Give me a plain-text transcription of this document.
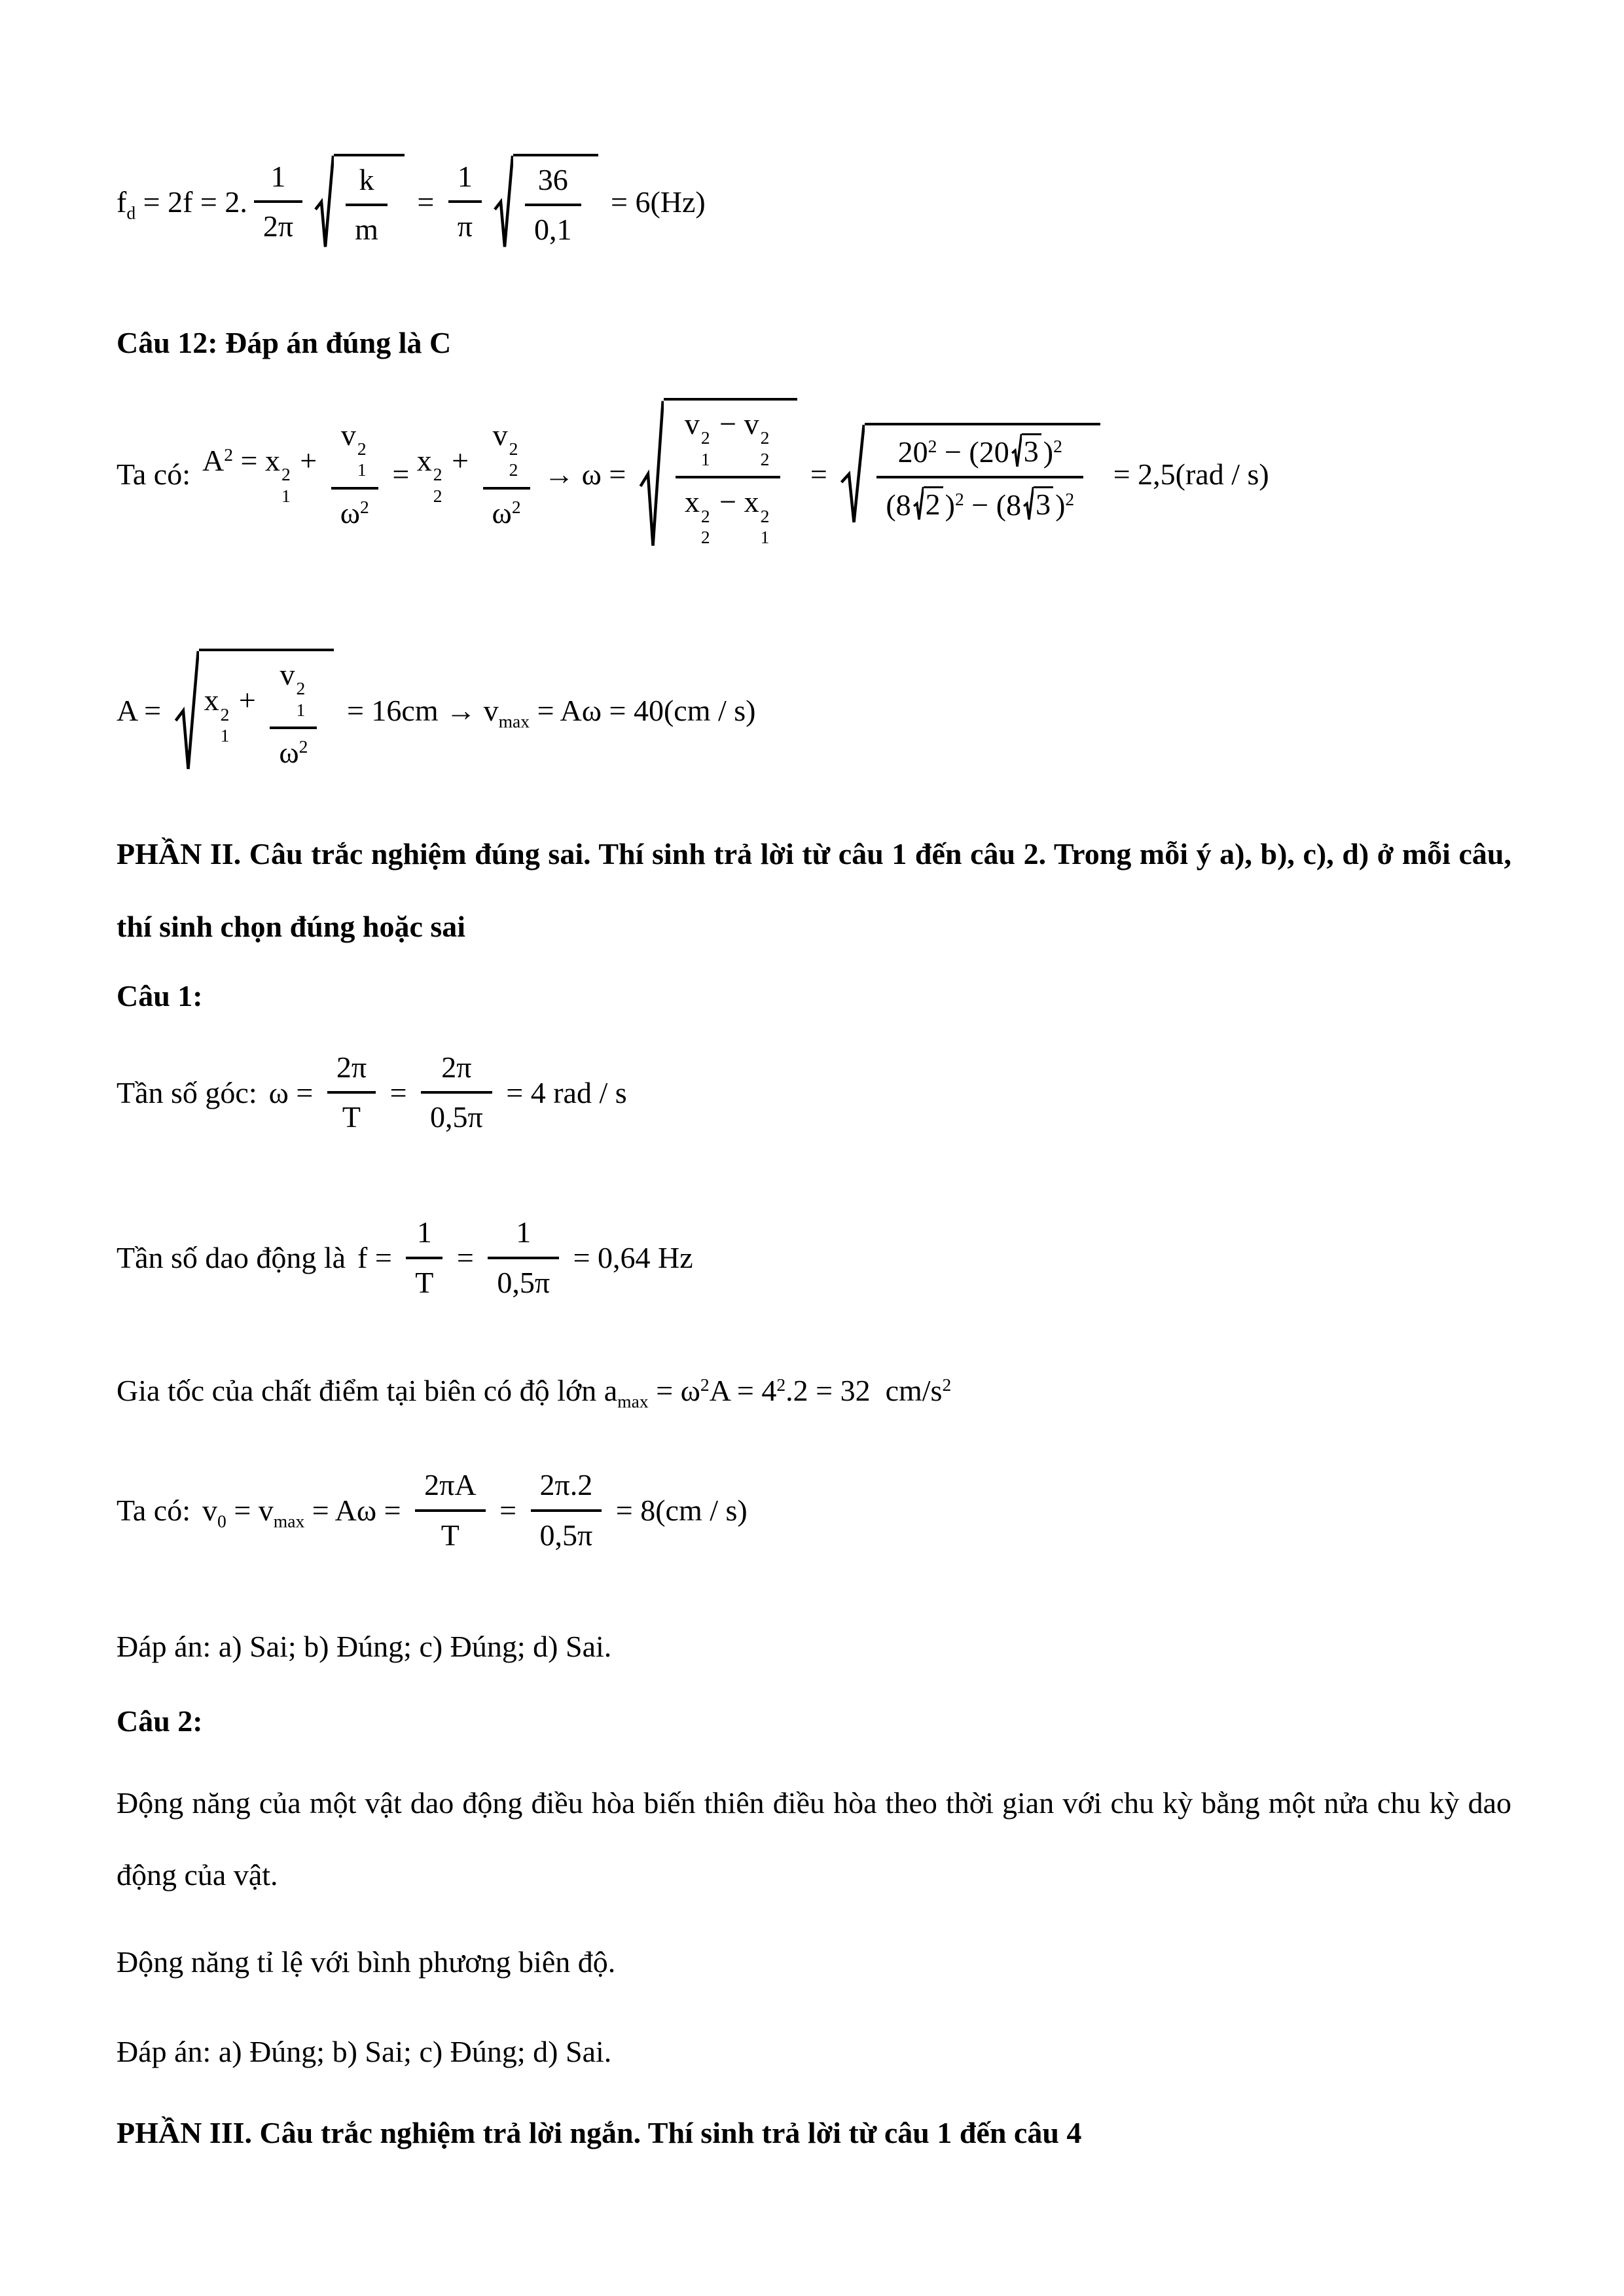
$f_d = 2f = 2$. $\frac{1}{2\pi} \frac{k}{m} = \frac{1}{\pi} \frac{36}{0,1} = 6(Hz)$
Câu 12: Đáp án đúng là C
Ta có: $A^2 = x$ 2
1
+ v 2
1
$\omega^2 = x$ 2
2
+ v 2
2
$\omega^2 \to \omega = v$ 2
1
− v 2
2
x 2
2
− x 2
$1 = \frac{20^2 - (20 3 )^2}{(8 2 )^2 - (8 3 )^2} = 2,5(rad / s)$
A = x 2
1
+ v 2
1
$\omega^2 = 16cm \to v_{max} = A\omega = 40(cm / s)$
PHẦN II. Câu trắc nghiệm đúng sai. Thí sinh trả lời từ câu 1 đến câu 2. Trong mỗi ý a), b), c), d) ở mỗi câu, thí sinh chọn đúng hoặc sai
Câu 1:
Tần số góc: $\omega = \frac{2\pi}{T} = \frac{2\pi}{0,5\pi} = 4$ rad / s
Tần số dao động là $f = \frac{1}{T} = \frac{1}{0,5\pi} = 0,64$ Hz
Gia tốc của chất điểm tại biên có độ lớn $a_{max} = \omega^2A = 4^2.2 = 32$  $cm/s^2$
Ta có: $v_0 = v_{max} = A\omega = \frac{2\pi A}{T} = \frac{2\pi.2}{0,5\pi} = 8(cm / s)$
Đáp án: a) Sai; b) Đúng; c) Đúng; d) Sai.
Câu 2:
Động năng của một vật dao động điều hòa biến thiên điều hòa theo thời gian với chu kỳ bằng một nửa chu kỳ dao động của vật.
Động năng tỉ lệ với bình phương biên độ.
Đáp án: a) Đúng; b) Sai; c) Đúng; d) Sai.
PHẦN III. Câu trắc nghiệm trả lời ngắn. Thí sinh trả lời từ câu 1 đến câu 4
